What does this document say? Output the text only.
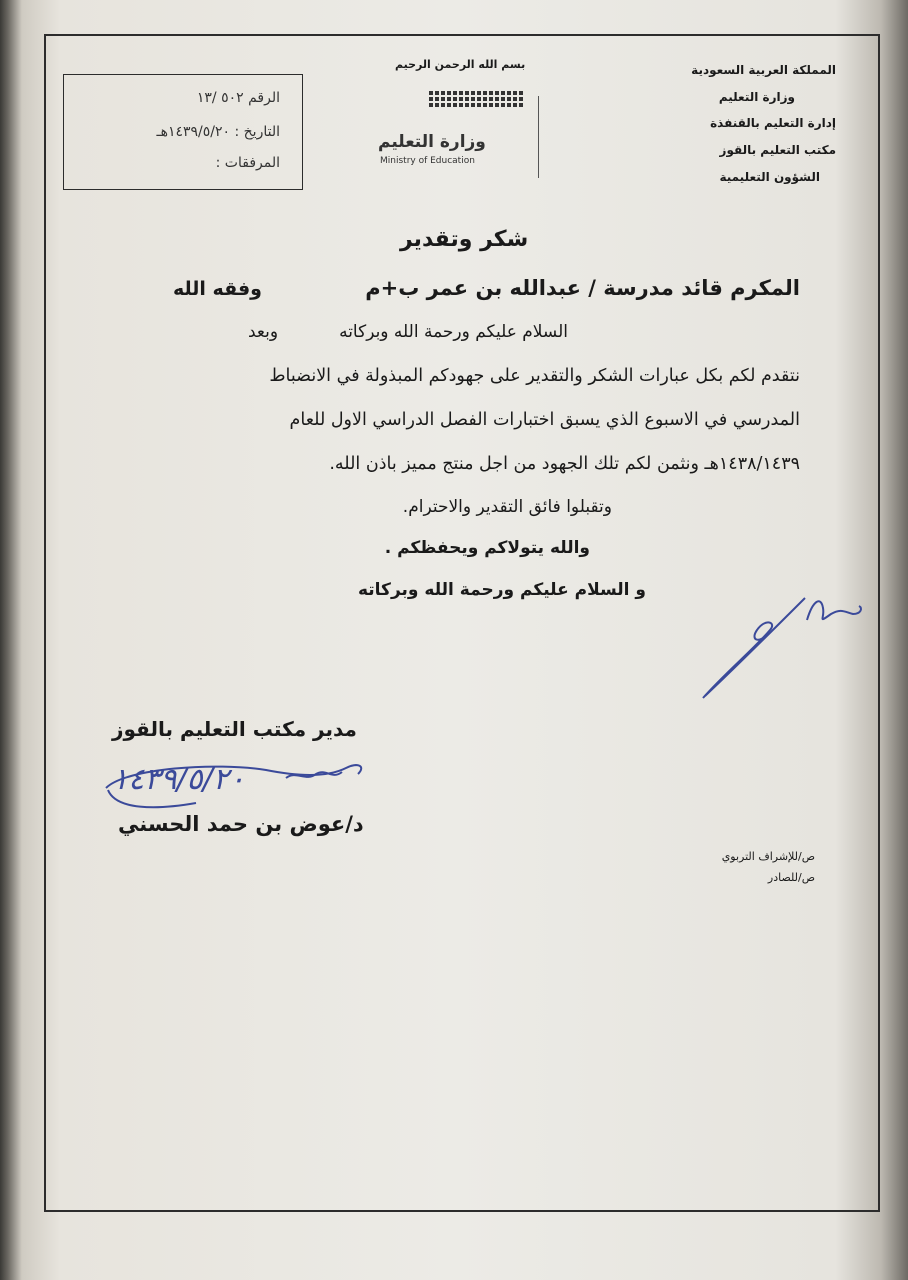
المملكة العربية السعودية
وزارة التعليم
إدارة التعليم بالقنفذة
مكتب التعليم بالقوز
الشؤون التعليمية
بسم الله الرحمن الرحيم
وزارة التعليم
Ministry of Education
الرقم ٥٠٢ /١٣
التاريخ : ١٤٣٩/٥/٢٠هـ
المرفقات :
شكر وتقدير
المكرم قائد مدرسة / عبدالله بن عمر ب+م
وفقه الله
السلام عليكم ورحمة الله وبركاته
وبعد
نتقدم لكم بكل عبارات الشكر والتقدير على جهودكم المبذولة في الانضباط
المدرسي في الاسبوع الذي يسبق اختبارات الفصل الدراسي الاول للعام
١٤٣٨/١٤٣٩هـ ونثمن لكم تلك الجهود من اجل منتج مميز باذن الله.
وتقبلوا فائق التقدير والاحترام.
والله يتولاكم ويحفظكم .
و السلام عليكم ورحمة الله وبركاته
مدير مكتب التعليم بالقوز
١٤٣٩/٥/٢٠
د/عوض بن حمد الحسني
ص/للإشراف التربوي
ص/للصادر
